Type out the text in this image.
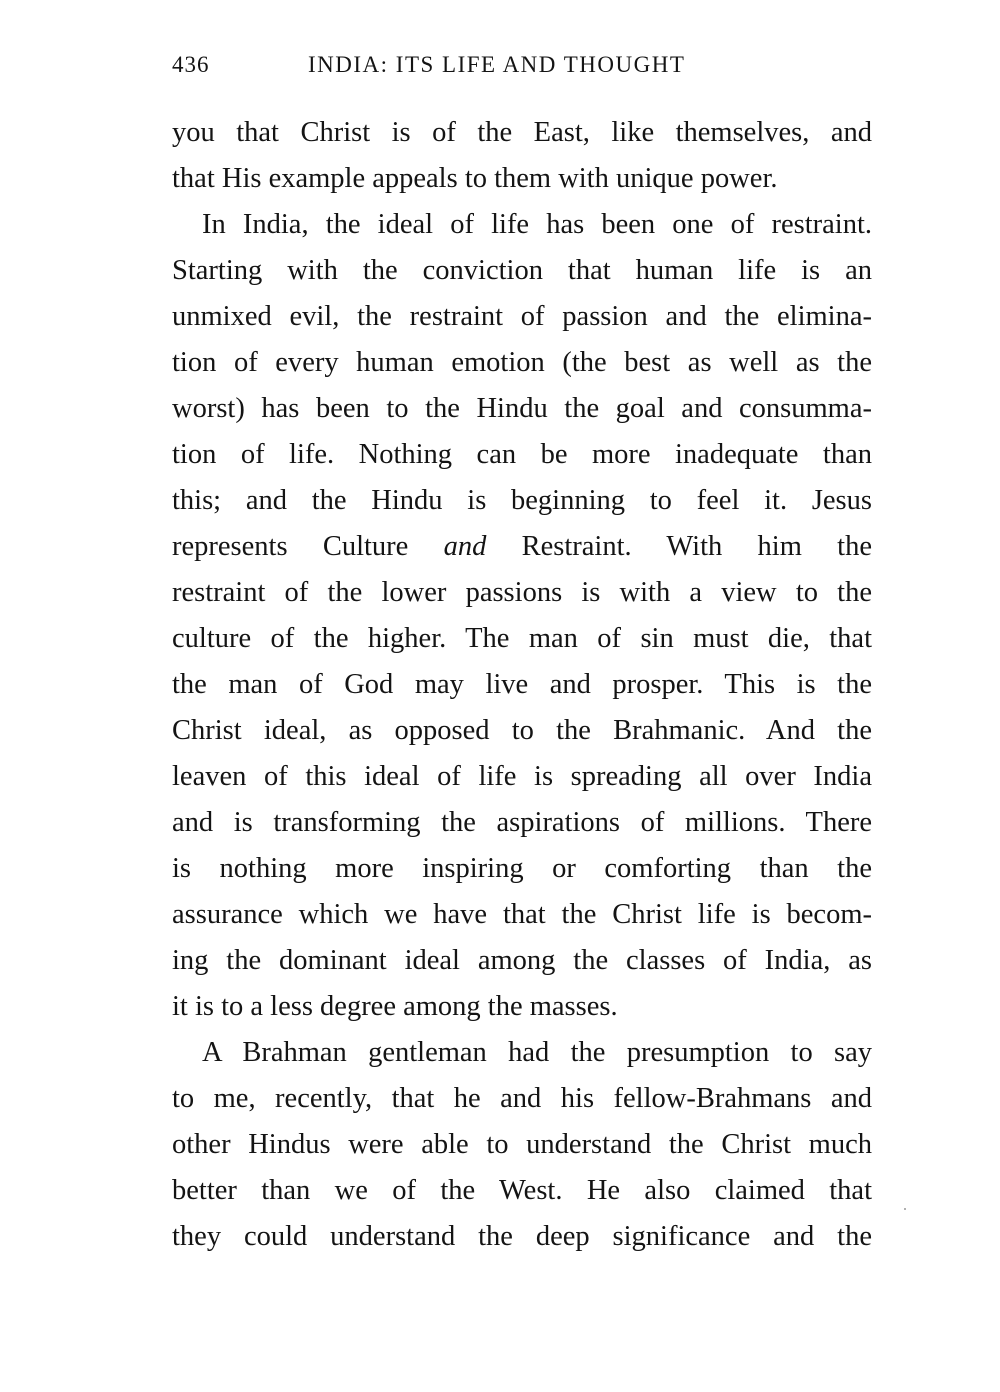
436	INDIA: ITS LIFE AND THOUGHT
you that Christ is of the East, like themselves, and
that His example appeals to them with unique power.
In India, the ideal of life has been one of restraint.
Starting with the conviction that human life is an
unmixed evil, the restraint of passion and the elimina-
tion of every human emotion (the best as well as the
worst) has been to the Hindu the goal and consumma-
tion of life. Nothing can be more inadequate than
this; and the Hindu is beginning to feel it. Jesus
represents Culture and Restraint. With him the
restraint of the lower passions is with a view to the
culture of the higher. The man of sin must die, that
the man of God may live and prosper. This is the
Christ ideal, as opposed to the Brahmanic. And the
leaven of this ideal of life is spreading all over India
and is transforming the aspirations of millions. There
is nothing more inspiring or comforting than the
assurance which we have that the Christ life is becom-
ing the dominant ideal among the classes of India, as
it is to a less degree among the masses.
A Brahman gentleman had the presumption to say
to me, recently, that he and his fellow-Brahmans and
other Hindus were able to understand the Christ much
better than we of the West. He also claimed that
they could understand the deep significance and the
